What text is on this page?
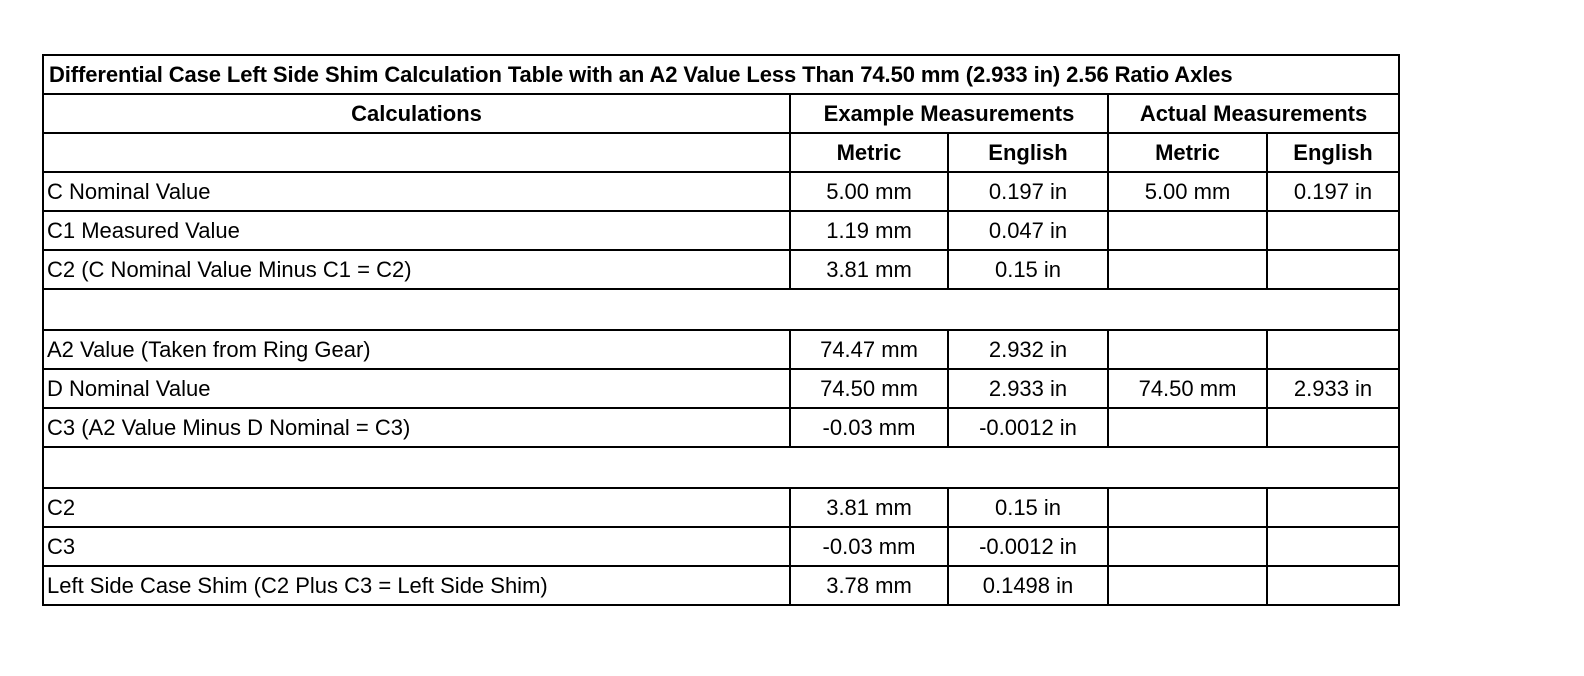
Differential Case Left Side Shim Calculation Table with an A2 Value Less Than 74.50 mm (2.933 in) 2.56 Ratio Axles				
Calculations	Example Measurements		Actual Measurements	
	Metric	English	Metric	English
C Nominal Value	5.00 mm	0.197 in	5.00 mm	0.197 in
C1 Measured Value	1.19 mm	0.047 in		
C2 (C Nominal Value Minus C1 = C2)	3.81 mm	0.15 in		

A2 Value (Taken from Ring Gear)	74.47 mm	2.932 in		
D Nominal Value	74.50 mm	2.933 in	74.50 mm	2.933 in
C3 (A2 Value Minus D Nominal = C3)	-0.03 mm	-0.0012 in		

C2	3.81 mm	0.15 in		
C3	-0.03 mm	-0.0012 in		
Left Side Case Shim (C2 Plus C3 = Left Side Shim)	3.78 mm	0.1498 in		
